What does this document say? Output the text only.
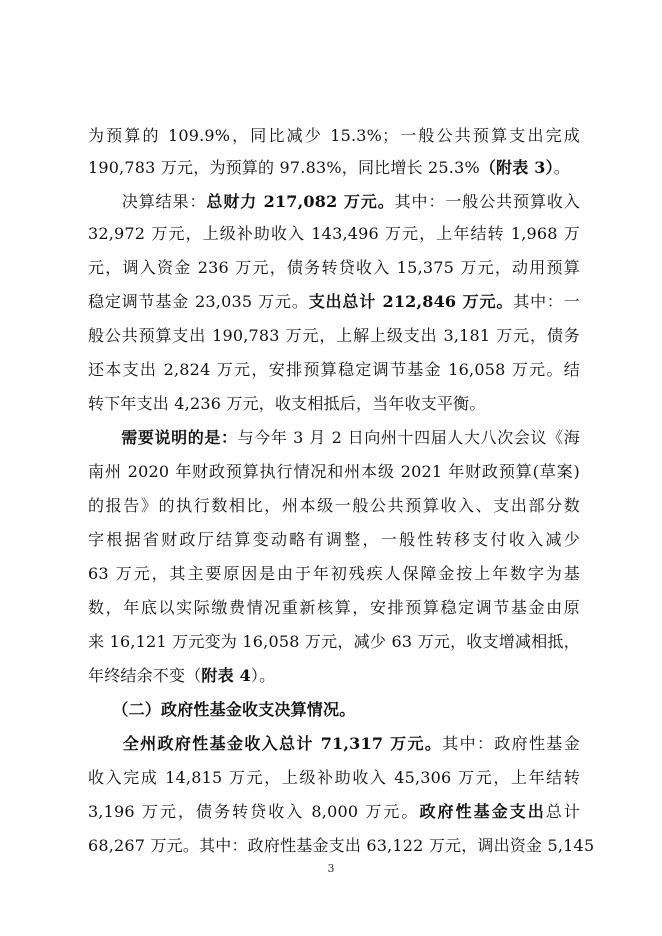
为预算的 109.9%，同比减少 15.3%；一般公共预算支出完成
190,783 万元，为预算的 97.83%，同比增长 25.3%（附表 3）。
　　决算结果：总财力 217,082 万元。其中：一般公共预算收入
32,972 万元，上级补助收入 143,496 万元，上年结转 1,968 万
元，调入资金 236 万元，债务转贷收入 15,375 万元，动用预算
稳定调节基金 23,035 万元。支出总计 212,846 万元。其中：一
般公共预算支出 190,783 万元，上解上级支出 3,181 万元，债务
还本支出 2,824 万元，安排预算稳定调节基金 16,058 万元。结
转下年支出 4,236 万元，收支相抵后，当年收支平衡。
　　需要说明的是：与今年 3 月 2 日向州十四届人大八次会议《海
南州 2020 年财政预算执行情况和州本级 2021 年财政预算(草案)
的报告》的执行数相比，州本级一般公共预算收入、支出部分数
字根据省财政厅结算变动略有调整，一般性转移支付收入减少
63 万元，其主要原因是由于年初残疾人保障金按上年数字为基
数，年底以实际缴费情况重新核算，安排预算稳定调节基金由原
来 16,121 万元变为 16,058 万元，减少 63 万元，收支增减相抵，
年终结余不变（附表 4）。
　　（二）政府性基金收支决算情况。
　　全州政府性基金收入总计 71,317 万元。其中：政府性基金
收入完成 14,815 万元，上级补助收入 45,306 万元，上年结转
3,196 万元，债务转贷收入 8,000 万元。政府性基金支出总计
68,267 万元。其中：政府性基金支出 63,122 万元，调出资金 5,145
3
